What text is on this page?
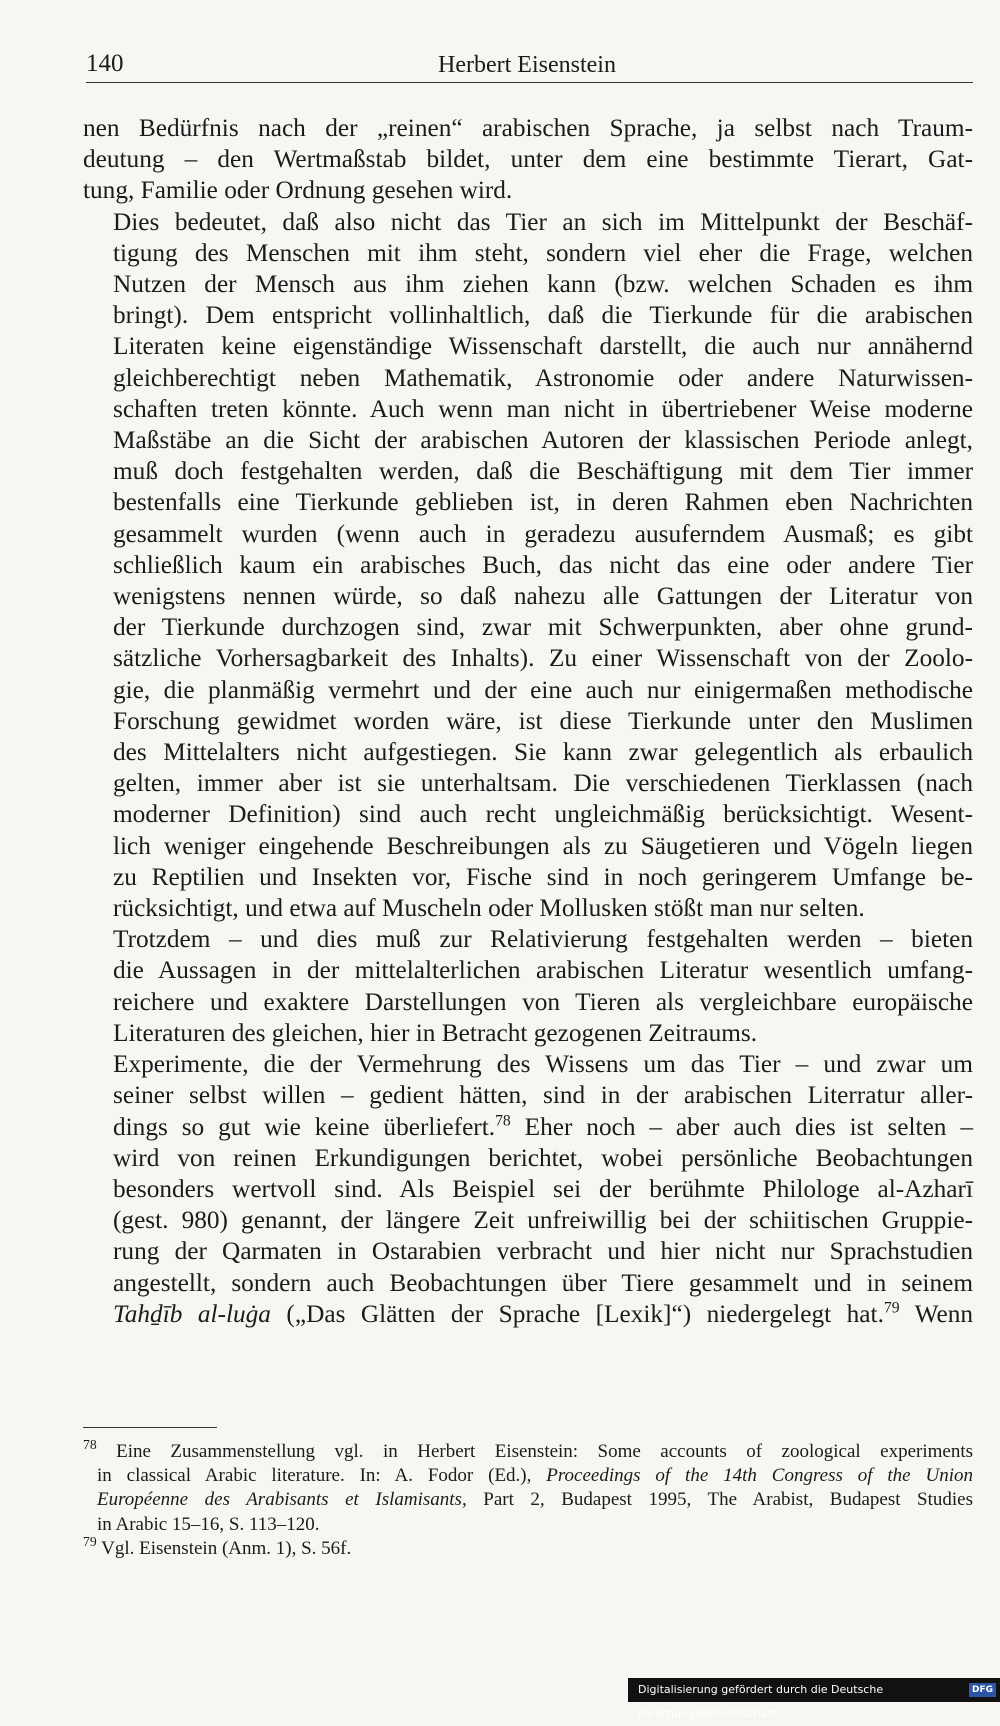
140	Herbert Eisenstein

nen Bedürfnis nach der „reinen“ arabischen Sprache, ja selbst nach Traum-
deutung – den Wertmaßstab bildet, unter dem eine bestimmte Tierart, Gat-
tung, Familie oder Ordnung gesehen wird.

Dies bedeutet, daß also nicht das Tier an sich im Mittelpunkt der Beschäf-
tigung des Menschen mit ihm steht, sondern viel eher die Frage, welchen
Nutzen der Mensch aus ihm ziehen kann (bzw. welchen Schaden es ihm
bringt). Dem entspricht vollinhaltlich, daß die Tierkunde für die arabischen
Literaten keine eigenständige Wissenschaft darstellt, die auch nur annähernd
gleichberechtigt neben Mathematik, Astronomie oder andere Naturwissen-
schaften treten könnte. Auch wenn man nicht in übertriebener Weise moderne
Maßstäbe an die Sicht der arabischen Autoren der klassischen Periode anlegt,
muß doch festgehalten werden, daß die Beschäftigung mit dem Tier immer
bestenfalls eine Tierkunde geblieben ist, in deren Rahmen eben Nachrichten
gesammelt wurden (wenn auch in geradezu ausuferndem Ausmaß; es gibt
schließlich kaum ein arabisches Buch, das nicht das eine oder andere Tier
wenigstens nennen würde, so daß nahezu alle Gattungen der Literatur von
der Tierkunde durchzogen sind, zwar mit Schwerpunkten, aber ohne grund-
sätzliche Vorhersagbarkeit des Inhalts). Zu einer Wissenschaft von der Zoolo-
gie, die planmäßig vermehrt und der eine auch nur einigermaßen methodische
Forschung gewidmet worden wäre, ist diese Tierkunde unter den Muslimen
des Mittelalters nicht aufgestiegen. Sie kann zwar gelegentlich als erbaulich
gelten, immer aber ist sie unterhaltsam. Die verschiedenen Tierklassen (nach
moderner Definition) sind auch recht ungleichmäßig berücksichtigt. Wesent-
lich weniger eingehende Beschreibungen als zu Säugetieren und Vögeln liegen
zu Reptilien und Insekten vor, Fische sind in noch geringerem Umfange be-
rücksichtigt, und etwa auf Muscheln oder Mollusken stößt man nur selten.

Trotzdem – und dies muß zur Relativierung festgehalten werden – bieten
die Aussagen in der mittelalterlichen arabischen Literatur wesentlich umfang-
reichere und exaktere Darstellungen von Tieren als vergleichbare europäische
Literaturen des gleichen, hier in Betracht gezogenen Zeitraums.

Experimente, die der Vermehrung des Wissens um das Tier – und zwar um
seiner selbst willen – gedient hätten, sind in der arabischen Literratur aller-
dings so gut wie keine überliefert.$^{78}$ Eher noch – aber auch dies ist selten –
wird von reinen Erkundigungen berichtet, wobei persönliche Beobachtungen
besonders wertvoll sind. Als Beispiel sei der berühmte Philologe al-Azharī
(gest. 980) genannt, der längere Zeit unfreiwillig bei der schiitischen Gruppie-
rung der Qarmaten in Ostarabien verbracht und hier nicht nur Sprachstudien
angestellt, sondern auch Beobachtungen über Tiere gesammelt und in seinem
Tahḏīb al-luġa („Das Glätten der Sprache [Lexik]“) niedergelegt hat.$^{79}$ Wenn

$^{78}$ Eine Zusammenstellung vgl. in Herbert Eisenstein: Some accounts of zoological experiments
in classical Arabic literature. In: A. Fodor (Ed.), Proceedings of the 14th Congress of the Union
Européenne des Arabisants et Islamisants, Part 2, Budapest 1995, The Arabist, Budapest Studies
in Arabic 15–16, S. 113–120.

$^{79}$ Vgl. Eisenstein (Anm. 1), S. 56f.

Digitalisierung gefördert durch die Deutsche Forschungsgemeinschaft -
DFG
